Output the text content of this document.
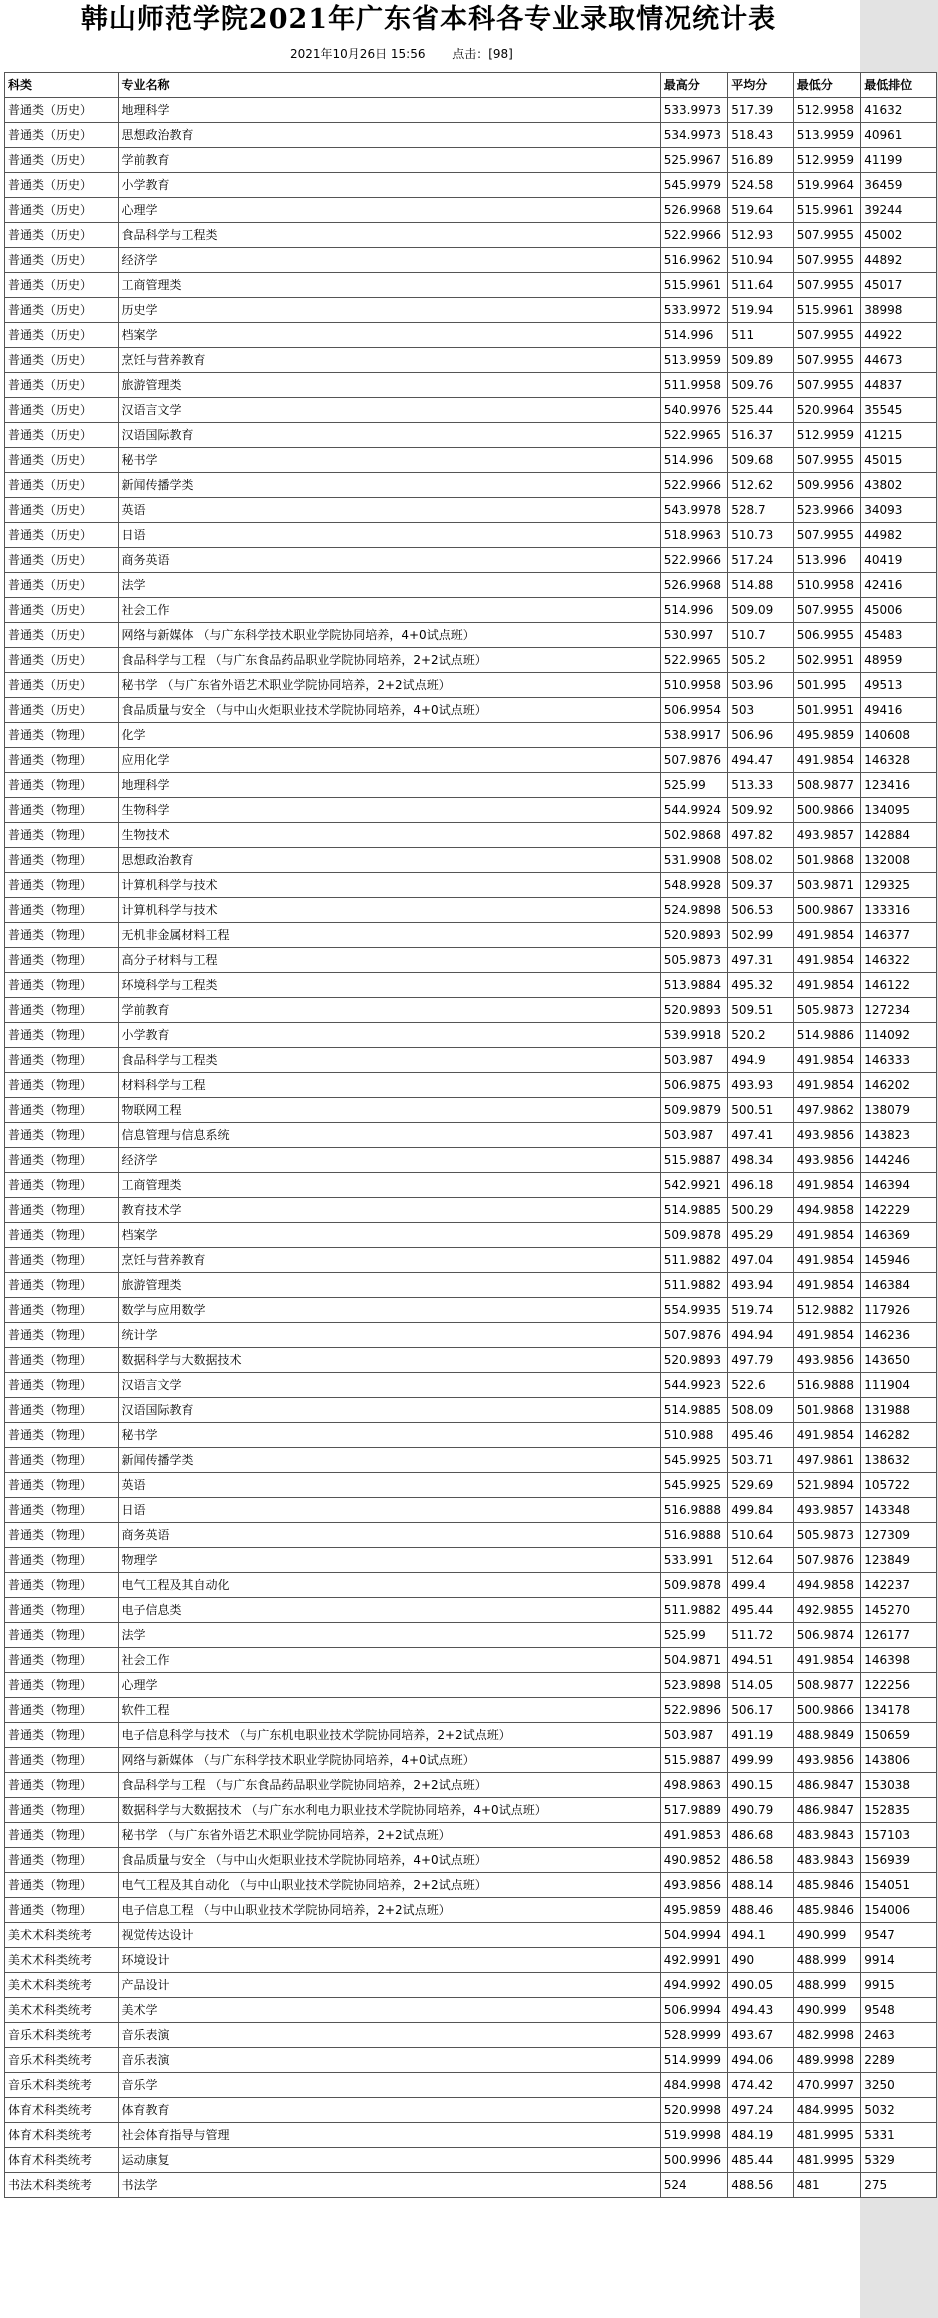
韩山师范学院2021年广东省本科各专业录取情况统计表
2021年10月26日 15:56 点击：[98]
科类	专业名称	最高分	平均分	最低分	最低排位
普通类（历史）	地理科学	533.9973	517.39	512.9958	41632
普通类（历史）	思想政治教育	534.9973	518.43	513.9959	40961
普通类（历史）	学前教育	525.9967	516.89	512.9959	41199
普通类（历史）	小学教育	545.9979	524.58	519.9964	36459
普通类（历史）	心理学	526.9968	519.64	515.9961	39244
普通类（历史）	食品科学与工程类	522.9966	512.93	507.9955	45002
普通类（历史）	经济学	516.9962	510.94	507.9955	44892
普通类（历史）	工商管理类	515.9961	511.64	507.9955	45017
普通类（历史）	历史学	533.9972	519.94	515.9961	38998
普通类（历史）	档案学	514.996	511	507.9955	44922
普通类（历史）	烹饪与营养教育	513.9959	509.89	507.9955	44673
普通类（历史）	旅游管理类	511.9958	509.76	507.9955	44837
普通类（历史）	汉语言文学	540.9976	525.44	520.9964	35545
普通类（历史）	汉语国际教育	522.9965	516.37	512.9959	41215
普通类（历史）	秘书学	514.996	509.68	507.9955	45015
普通类（历史）	新闻传播学类	522.9966	512.62	509.9956	43802
普通类（历史）	英语	543.9978	528.7	523.9966	34093
普通类（历史）	日语	518.9963	510.73	507.9955	44982
普通类（历史）	商务英语	522.9966	517.24	513.996	40419
普通类（历史）	法学	526.9968	514.88	510.9958	42416
普通类（历史）	社会工作	514.996	509.09	507.9955	45006
普通类（历史）	网络与新媒体 （与广东科学技术职业学院协同培养，4+0试点班）	530.997	510.7	506.9955	45483
普通类（历史）	食品科学与工程 （与广东食品药品职业学院协同培养，2+2试点班）	522.9965	505.2	502.9951	48959
普通类（历史）	秘书学 （与广东省外语艺术职业学院协同培养，2+2试点班）	510.9958	503.96	501.995	49513
普通类（历史）	食品质量与安全 （与中山火炬职业技术学院协同培养，4+0试点班）	506.9954	503	501.9951	49416
普通类（物理）	化学	538.9917	506.96	495.9859	140608
普通类（物理）	应用化学	507.9876	494.47	491.9854	146328
普通类（物理）	地理科学	525.99	513.33	508.9877	123416
普通类（物理）	生物科学	544.9924	509.92	500.9866	134095
普通类（物理）	生物技术	502.9868	497.82	493.9857	142884
普通类（物理）	思想政治教育	531.9908	508.02	501.9868	132008
普通类（物理）	计算机科学与技术	548.9928	509.37	503.9871	129325
普通类（物理）	计算机科学与技术	524.9898	506.53	500.9867	133316
普通类（物理）	无机非金属材料工程	520.9893	502.99	491.9854	146377
普通类（物理）	高分子材料与工程	505.9873	497.31	491.9854	146322
普通类（物理）	环境科学与工程类	513.9884	495.32	491.9854	146122
普通类（物理）	学前教育	520.9893	509.51	505.9873	127234
普通类（物理）	小学教育	539.9918	520.2	514.9886	114092
普通类（物理）	食品科学与工程类	503.987	494.9	491.9854	146333
普通类（物理）	材料科学与工程	506.9875	493.93	491.9854	146202
普通类（物理）	物联网工程	509.9879	500.51	497.9862	138079
普通类（物理）	信息管理与信息系统	503.987	497.41	493.9856	143823
普通类（物理）	经济学	515.9887	498.34	493.9856	144246
普通类（物理）	工商管理类	542.9921	496.18	491.9854	146394
普通类（物理）	教育技术学	514.9885	500.29	494.9858	142229
普通类（物理）	档案学	509.9878	495.29	491.9854	146369
普通类（物理）	烹饪与营养教育	511.9882	497.04	491.9854	145946
普通类（物理）	旅游管理类	511.9882	493.94	491.9854	146384
普通类（物理）	数学与应用数学	554.9935	519.74	512.9882	117926
普通类（物理）	统计学	507.9876	494.94	491.9854	146236
普通类（物理）	数据科学与大数据技术	520.9893	497.79	493.9856	143650
普通类（物理）	汉语言文学	544.9923	522.6	516.9888	111904
普通类（物理）	汉语国际教育	514.9885	508.09	501.9868	131988
普通类（物理）	秘书学	510.988	495.46	491.9854	146282
普通类（物理）	新闻传播学类	545.9925	503.71	497.9861	138632
普通类（物理）	英语	545.9925	529.69	521.9894	105722
普通类（物理）	日语	516.9888	499.84	493.9857	143348
普通类（物理）	商务英语	516.9888	510.64	505.9873	127309
普通类（物理）	物理学	533.991	512.64	507.9876	123849
普通类（物理）	电气工程及其自动化	509.9878	499.4	494.9858	142237
普通类（物理）	电子信息类	511.9882	495.44	492.9855	145270
普通类（物理）	法学	525.99	511.72	506.9874	126177
普通类（物理）	社会工作	504.9871	494.51	491.9854	146398
普通类（物理）	心理学	523.9898	514.05	508.9877	122256
普通类（物理）	软件工程	522.9896	506.17	500.9866	134178
普通类（物理）	电子信息科学与技术 （与广东机电职业技术学院协同培养，2+2试点班）	503.987	491.19	488.9849	150659
普通类（物理）	网络与新媒体 （与广东科学技术职业学院协同培养，4+0试点班）	515.9887	499.99	493.9856	143806
普通类（物理）	食品科学与工程 （与广东食品药品职业学院协同培养，2+2试点班）	498.9863	490.15	486.9847	153038
普通类（物理）	数据科学与大数据技术 （与广东水利电力职业技术学院协同培养，4+0试点班）	517.9889	490.79	486.9847	152835
普通类（物理）	秘书学 （与广东省外语艺术职业学院协同培养，2+2试点班）	491.9853	486.68	483.9843	157103
普通类（物理）	食品质量与安全 （与中山火炬职业技术学院协同培养，4+0试点班）	490.9852	486.58	483.9843	156939
普通类（物理）	电气工程及其自动化 （与中山职业技术学院协同培养，2+2试点班）	493.9856	488.14	485.9846	154051
普通类（物理）	电子信息工程 （与中山职业技术学院协同培养，2+2试点班）	495.9859	488.46	485.9846	154006
美术术科类统考	视觉传达设计	504.9994	494.1	490.999	9547
美术术科类统考	环境设计	492.9991	490	488.999	9914
美术术科类统考	产品设计	494.9992	490.05	488.999	9915
美术术科类统考	美术学	506.9994	494.43	490.999	9548
音乐术科类统考	音乐表演	528.9999	493.67	482.9998	2463
音乐术科类统考	音乐表演	514.9999	494.06	489.9998	2289
音乐术科类统考	音乐学	484.9998	474.42	470.9997	3250
体育术科类统考	体育教育	520.9998	497.24	484.9995	5032
体育术科类统考	社会体育指导与管理	519.9998	484.19	481.9995	5331
体育术科类统考	运动康复	500.9996	485.44	481.9995	5329
书法术科类统考	书法学	524	488.56	481	275
